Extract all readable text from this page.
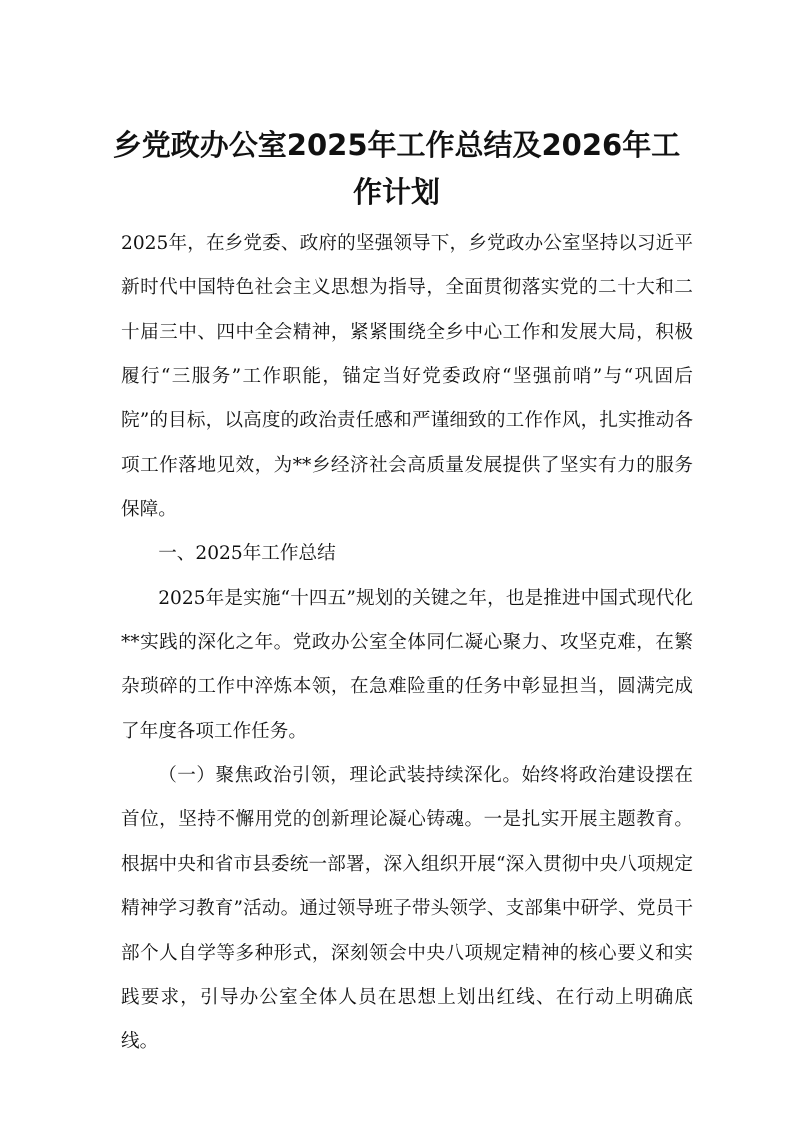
乡党政办公室2025年工作总结及2026年工
作计划

2025年，在乡党委、政府的坚强领导下，乡党政办公室坚持以习近平新时代中国特色社会主义思想为指导，全面贯彻落实党的二十大和二十届三中、四中全会精神，紧紧围绕全乡中心工作和发展大局，积极履行“三服务”工作职能，锚定当好党委政府“坚强前哨”与“巩固后院”的目标，以高度的政治责任感和严谨细致的工作作风，扎实推动各项工作落地见效，为**乡经济社会高质量发展提供了坚实有力的服务保障。

一、2025年工作总结

2025年是实施“十四五”规划的关键之年，也是推进中国式现代化**实践的深化之年。党政办公室全体同仁凝心聚力、攻坚克难，在繁杂琐碎的工作中淬炼本领，在急难险重的任务中彰显担当，圆满完成了年度各项工作任务。

（一）聚焦政治引领，理论武装持续深化。始终将政治建设摆在首位，坚持不懈用党的创新理论凝心铸魂。一是扎实开展主题教育。根据中央和省市县委统一部署，深入组织开展“深入贯彻中央八项规定精神学习教育”活动。通过领导班子带头领学、支部集中研学、党员干部个人自学等多种形式，深刻领会中央八项规定精神的核心要义和实践要求，引导办公室全体人员在思想上划出红线、在行动上明确底线。
